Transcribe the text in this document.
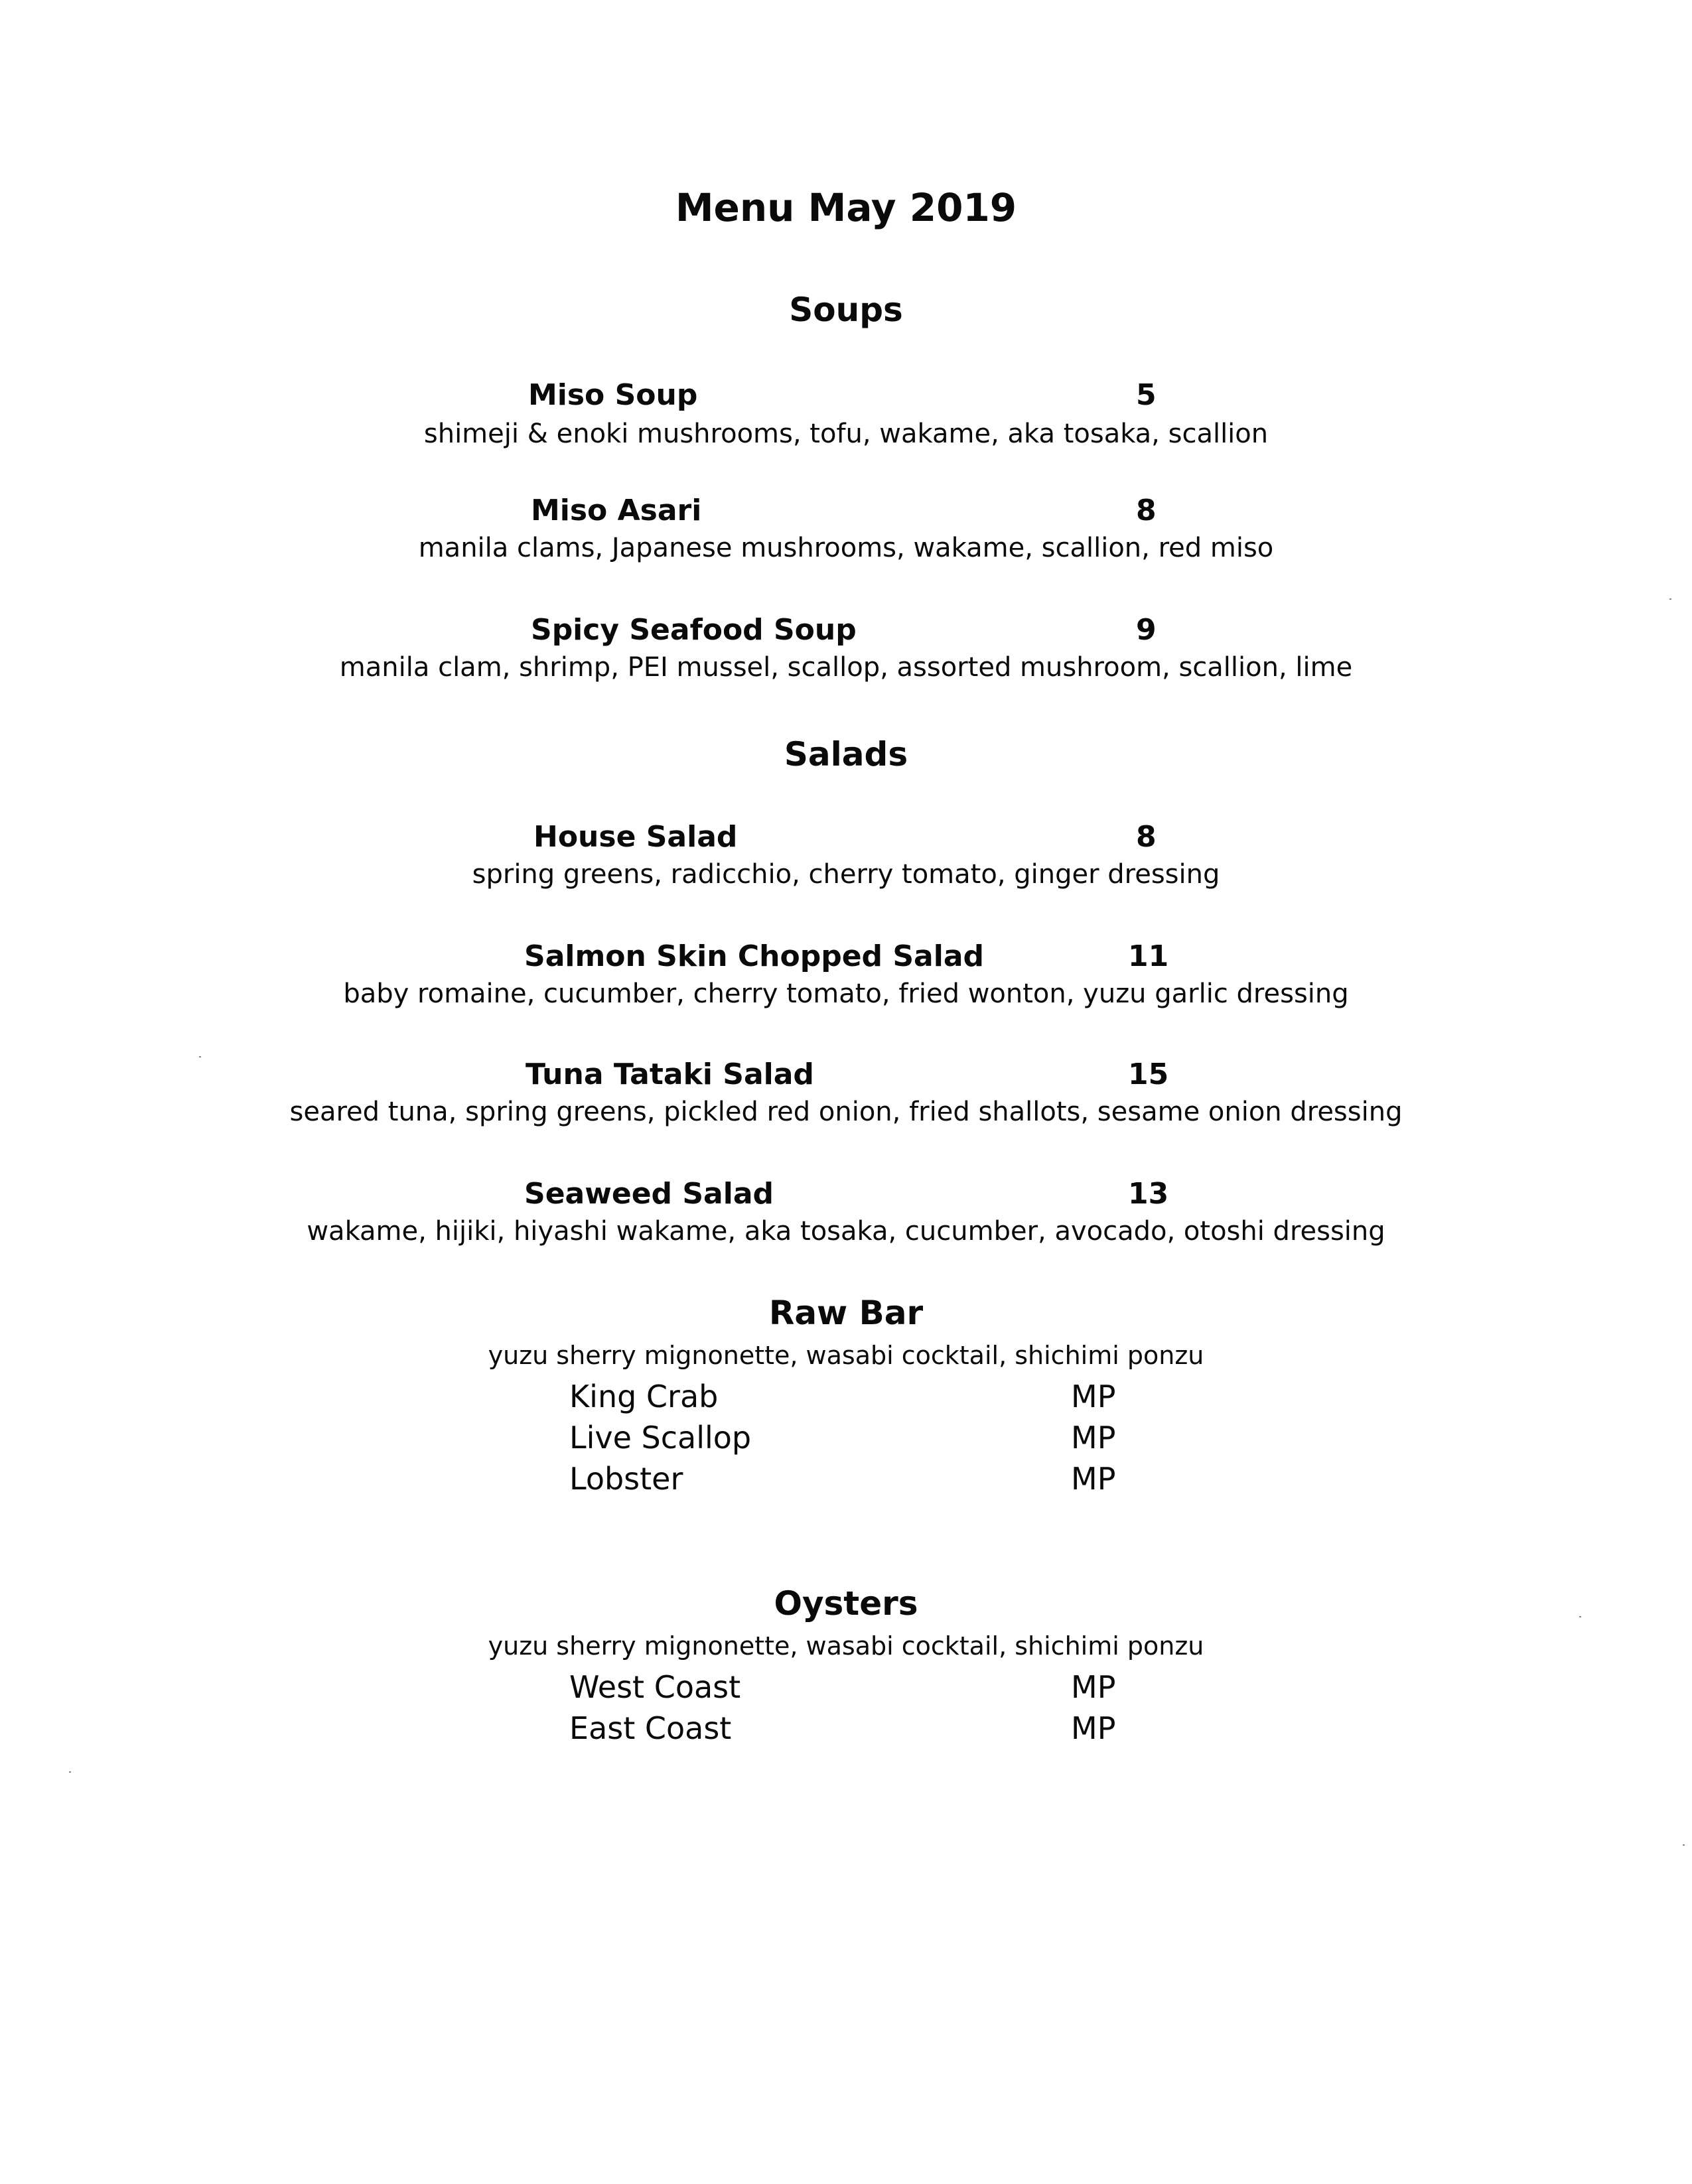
Menu May 2019
Soups
Miso Soup	5
shimeji & enoki mushrooms, tofu, wakame, aka tosaka, scallion
Miso Asari	8
manila clams, Japanese mushrooms, wakame, scallion, red miso
Spicy Seafood Soup	9
manila clam, shrimp, PEI mussel, scallop, assorted mushroom, scallion, lime
Salads
House Salad	8
spring greens, radicchio, cherry tomato, ginger dressing
Salmon Skin Chopped Salad	11
baby romaine, cucumber, cherry tomato, fried wonton, yuzu garlic dressing
Tuna Tataki Salad	15
seared tuna, spring greens, pickled red onion, fried shallots, sesame onion dressing
Seaweed Salad	13
wakame, hijiki, hiyashi wakame, aka tosaka, cucumber, avocado, otoshi dressing
Raw Bar
yuzu sherry mignonette, wasabi cocktail, shichimi ponzu
King Crab	MP
Live Scallop	MP
Lobster	MP
Oysters
yuzu sherry mignonette, wasabi cocktail, shichimi ponzu
West Coast	MP
East Coast	MP
